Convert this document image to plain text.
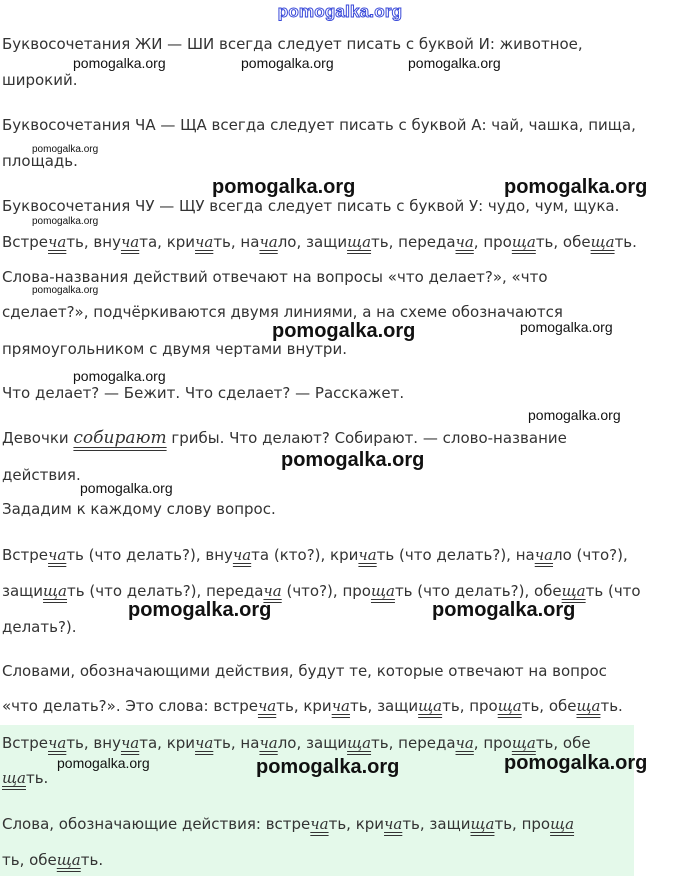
pomogalka.org
Буквосочетания ЖИ — ШИ всегда следует писать с буквой И: животное,
широкий.
Буквосочетания ЧА — ЩА всегда следует писать с буквой А: чай, чашка, пища,
площадь.
Буквосочетания ЧУ — ЩУ всегда следует писать с буквой У: чудо, чум, щука.
Встречать, внучата, кричать, начало, защищать, передача, прощать, обещать.
Слова-названия действий отвечают на вопросы «что делает?», «что
сделает?», подчёркиваются двумя линиями, а на схеме обозначаются
прямоугольником с двумя чертами внутри.
Что делает? — Бежит. Что сделает? — Расскажет.
Девочки собирают грибы. Что делают? Собирают. — слово-название
действия.
Зададим к каждому слову вопрос.
Встречать (что делать?), внучата (кто?), кричать (что делать?), начало (что?),
защищать (что делать?), передача (что?), прощать (что делать?), обещать (что
делать?).
Словами, обозначающими действия, будут те, которые отвечают на вопрос
«что делать?». Это слова: встречать, кричать, защищать, прощать, обещать.
Встречать, внучата, кричать, начало, защищать, передача, прощать, обе
щать.
Слова, обозначающие действия: встречать, кричать, защищать, проща
ть, обещать.
pomogalka.org	pomogalka.org	pomogalka.org
pomogalka.org
pomogalka.org	pomogalka.org
pomogalka.org
pomogalka.org
pomogalka.org	pomogalka.org
pomogalka.org
pomogalka.org
pomogalka.org
pomogalka.org
pomogalka.org	pomogalka.org
pomogalka.org	pomogalka.org	pomogalka.org
